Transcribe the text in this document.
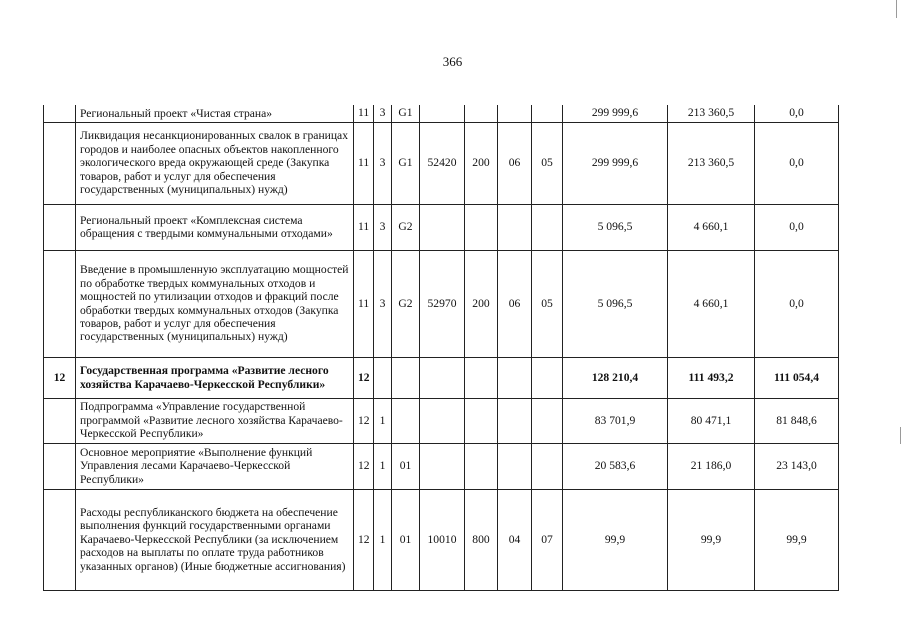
366
	Региональный проект «Чистая страна»	11	3	G1					299 999,6	213 360,5	0,0
	Ликвидация несанкционированных свалок в границах городов и наиболее опасных объектов накопленного экологического вреда окружающей среде (Закупка товаров, работ и услуг для обеспечения государственных (муниципальных) нужд)	11	3	G1	52420	200	06	05	299 999,6	213 360,5	0,0
	Региональный проект «Комплексная система обращения с твердыми коммунальными отходами»	11	3	G2					5 096,5	4 660,1	0,0
	Введение в промышленную эксплуатацию мощностей по обработке твердых коммунальных отходов и мощностей по утилизации отходов и фракций после обработки твердых коммунальных отходов (Закупка товаров, работ и услуг для обеспечения государственных (муниципальных) нужд)	11	3	G2	52970	200	06	05	5 096,5	4 660,1	0,0
12	Государственная программа «Развитие лесного хозяйства Карачаево-Черкесской Республики»	12							128 210,4	111 493,2	111 054,4
	Подпрограмма «Управление государственной программой «Развитие лесного хозяйства Карачаево-Черкесской Республики»	12	1						83 701,9	80 471,1	81 848,6
	Основное мероприятие «Выполнение функций Управления лесами Карачаево-Черкесской Республики»	12	1	01					20 583,6	21 186,0	23 143,0
	Расходы республиканского бюджета на обеспечение выполнения функций государственными органами Карачаево-Черкесской Республики (за исключением расходов на выплаты по оплате труда работников указанных органов) (Иные бюджетные ассигнования)	12	1	01	10010	800	04	07	99,9	99,9	99,9
